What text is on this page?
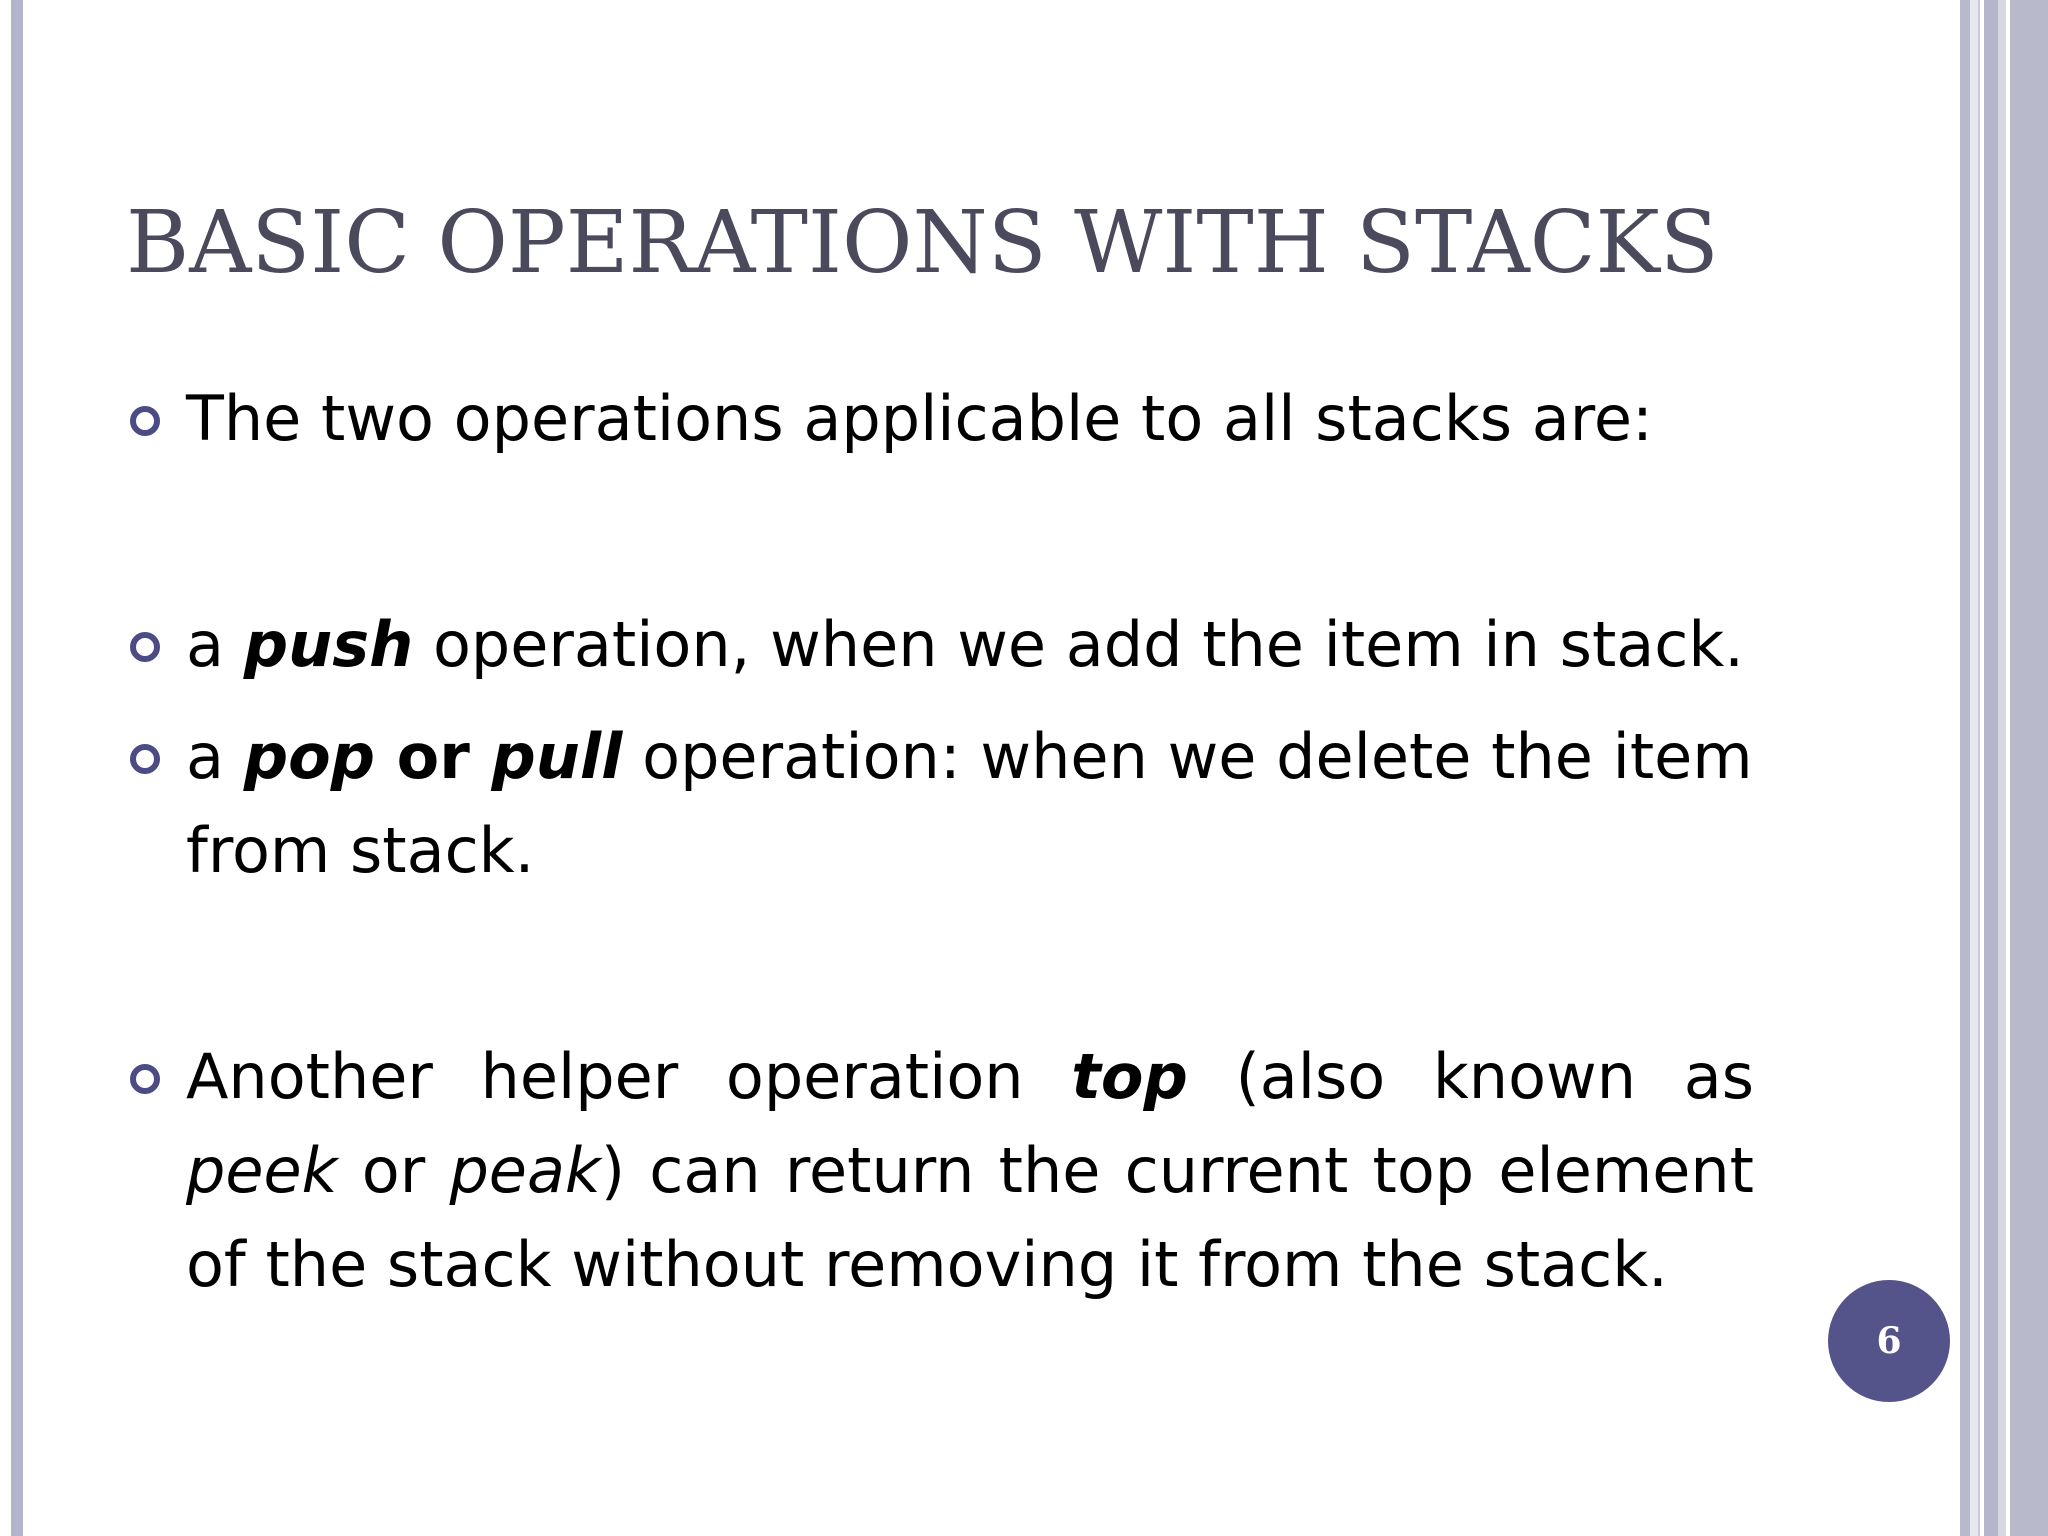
BASIC OPERATIONS WITH STACKS

The two operations applicable to all stacks are:

a push operation, when we add the item in stack.

a pop or pull operation: when we delete the item from stack.

Another helper operation top (also known as peek or peak) can return the current top element of the stack without removing it from the stack.

6
